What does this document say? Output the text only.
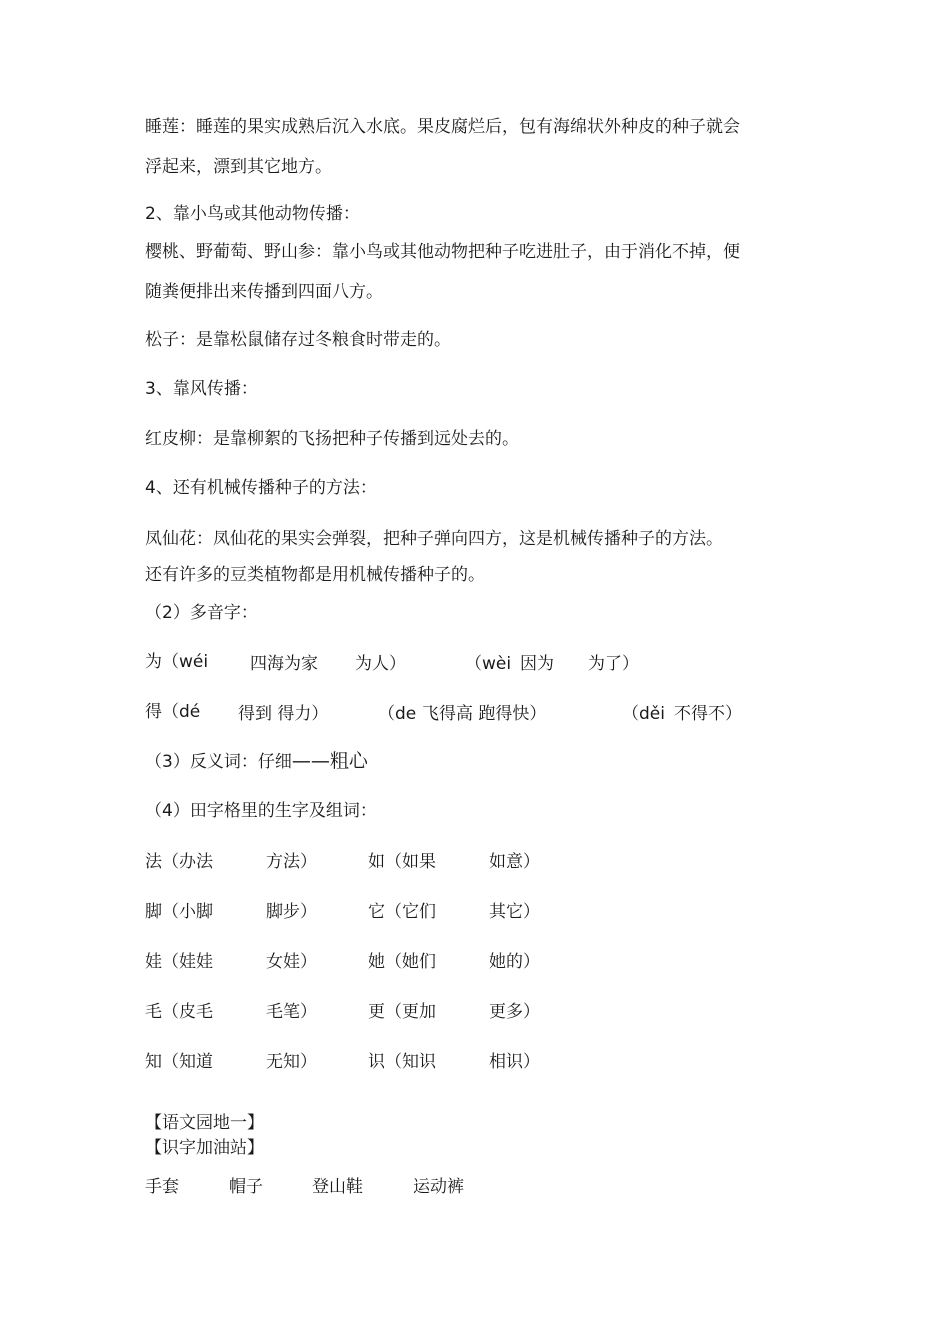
睡莲：睡莲的果实成熟后沉入水底。果皮腐烂后，包有海绵状外种皮的种子就会
浮起来，漂到其它地方。
2、靠小鸟或其他动物传播：
樱桃、野葡萄、野山参：靠小鸟或其他动物把种子吃进肚子，由于消化不掉，便
随粪便排出来传播到四面八方。
松子：是靠松鼠储存过冬粮食时带走的。
3、靠风传播：
红皮柳：是靠柳絮的飞扬把种子传播到远处去的。
4、还有机械传播种子的方法：
凤仙花：凤仙花的果实会弹裂，把种子弹向四方，这是机械传播种子的方法。
还有许多的豆类植物都是用机械传播种子的。
（2）多音字：
为（wéi 四海为家 为人）	（wèi 因为 为了）
得（dé 得到 得力）	（de 飞得高 跑得快）	（děi 不得不）
（3）反义词：仔细——粗心
（4）田字格里的生字及组词：
法（办法	方法）	如（如果	如意）
脚（小脚	脚步）	它（它们	其它）
娃（娃娃	女娃）	她（她们	她的）
毛（皮毛	毛笔）	更（更加	更多）
知（知道	无知）	识（知识	相识）
【语文园地一】
【识字加油站】
手套	帽子	登山鞋	运动裤
